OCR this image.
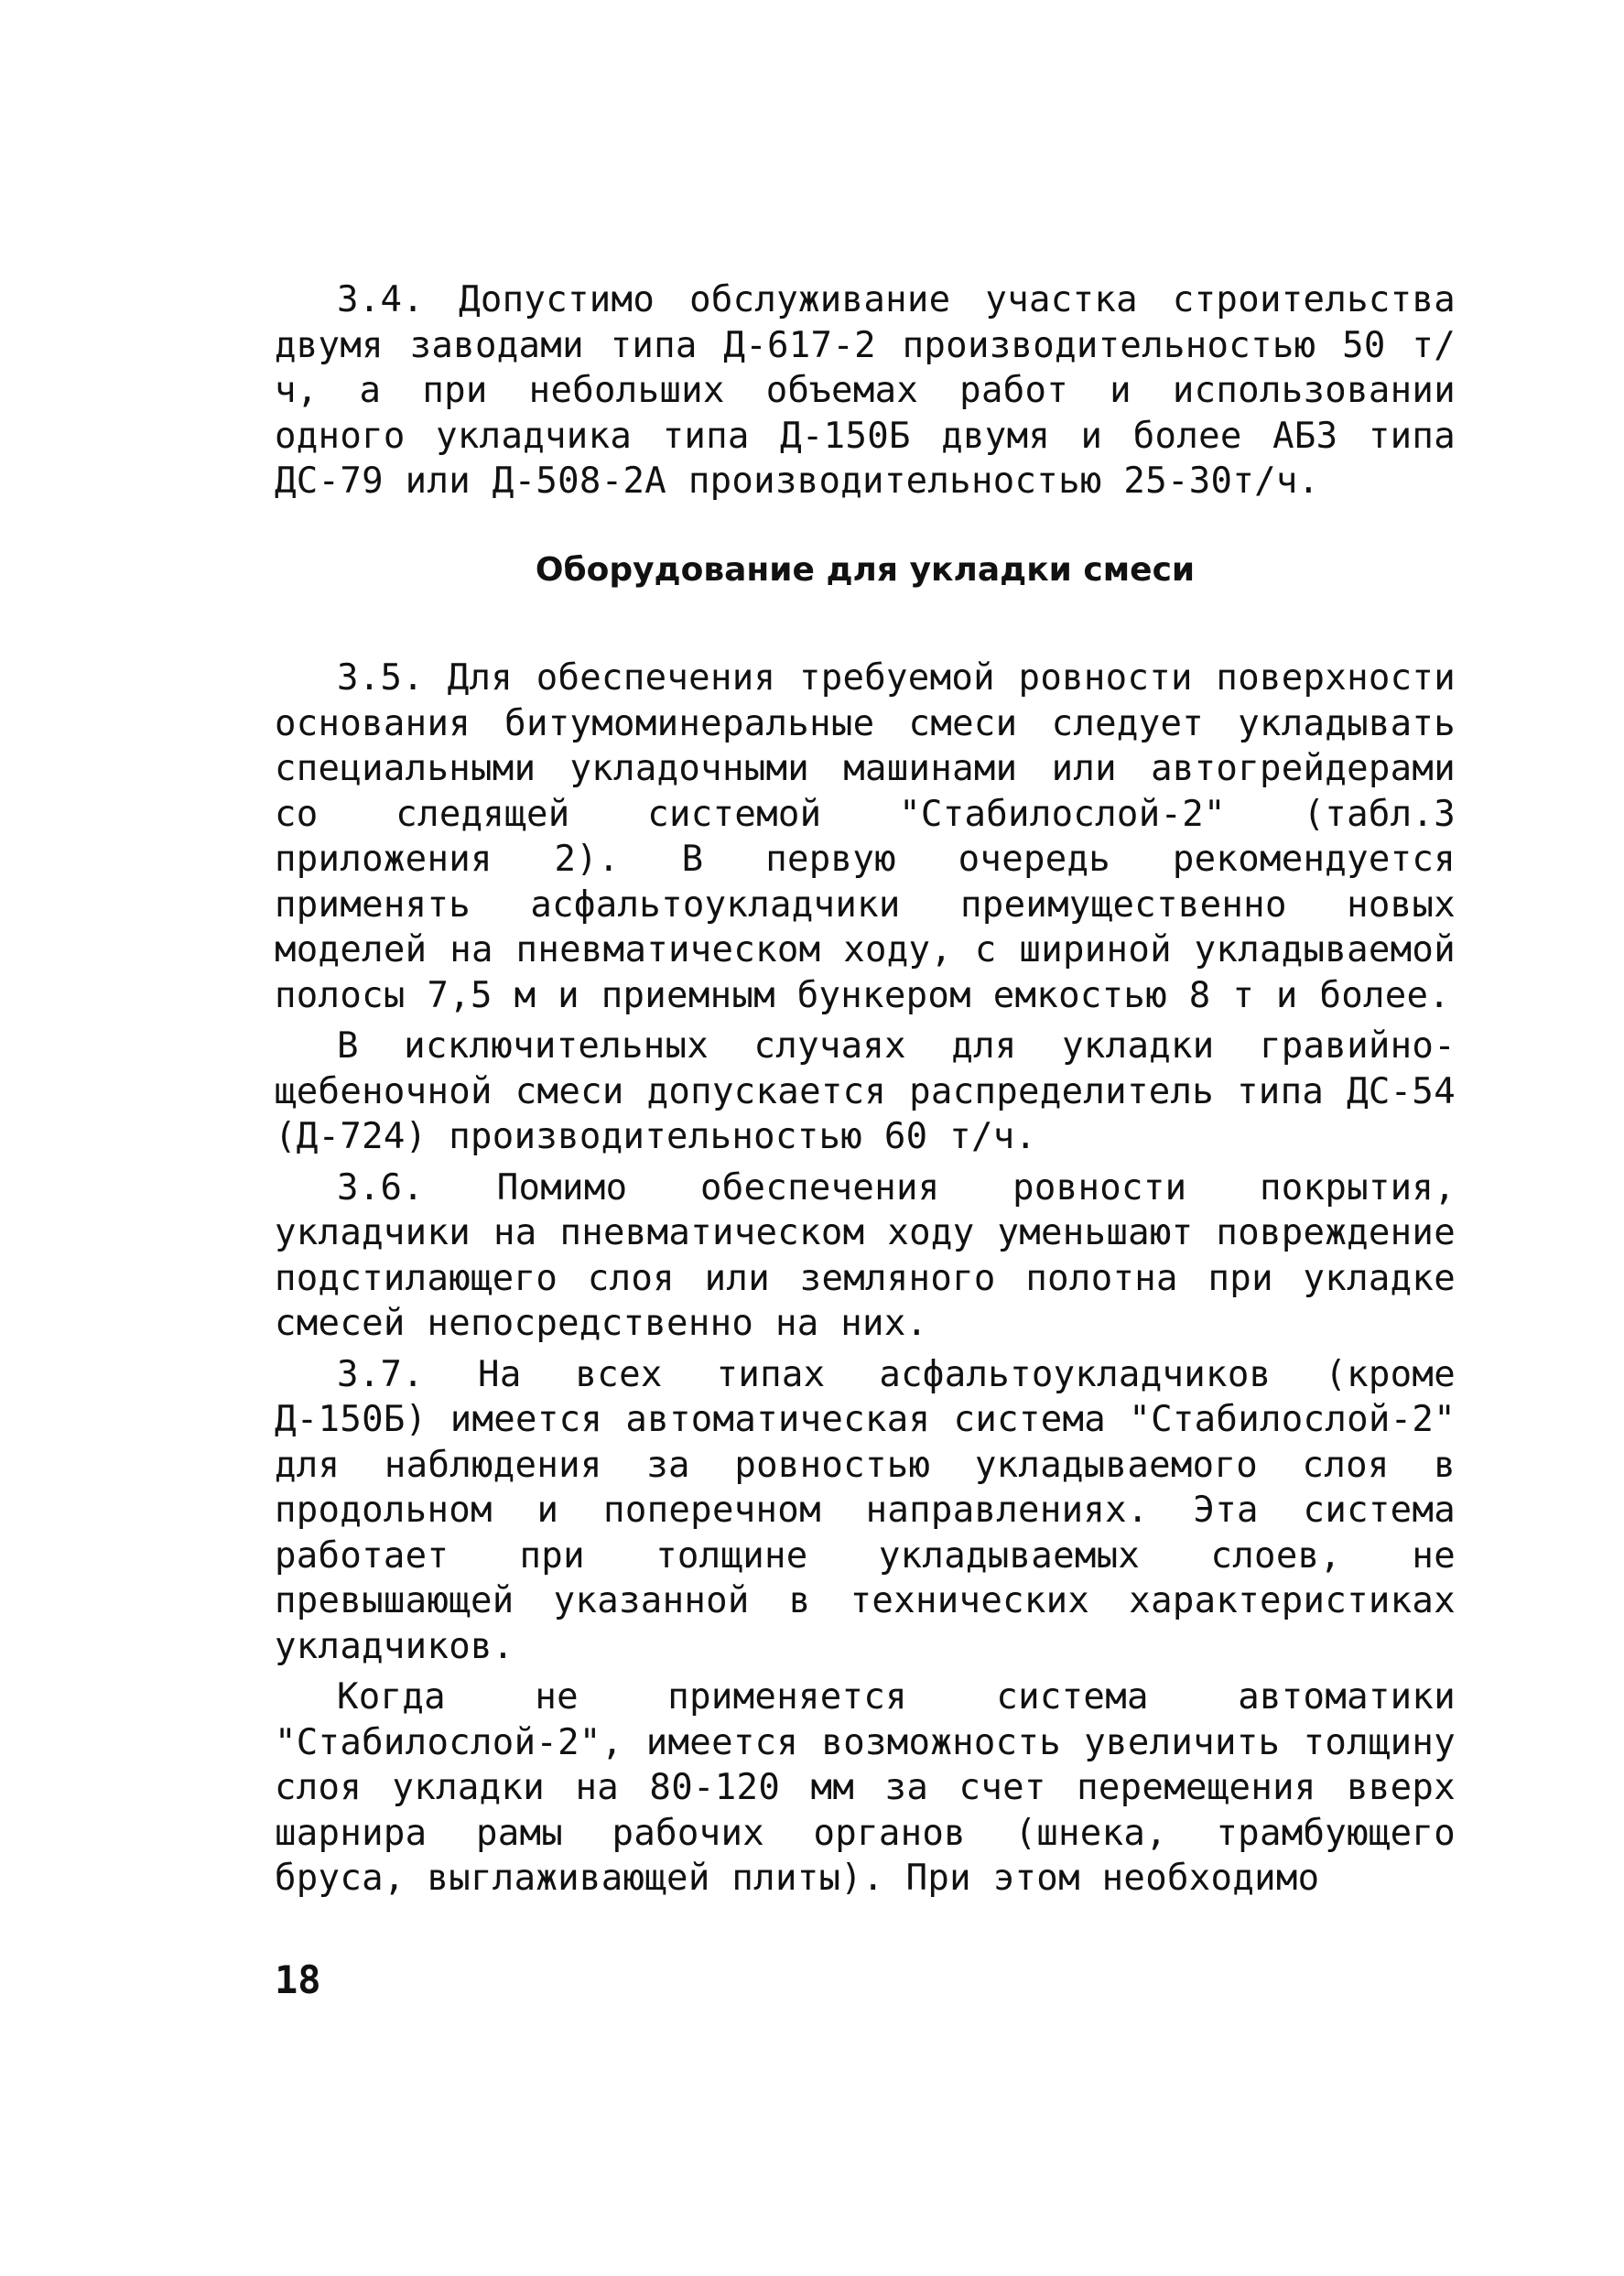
3.4. Допустимо обслуживание участка строительства двумя заводами типа Д-617-2 производительностью 50 т/ч, а при небольших объемах работ и использовании одного укладчика типа Д-150Б двумя и более АБЗ типа ДС-79 или Д-508-2А производительностью 25-30т/ч.

Оборудование для укладки смеси

3.5. Для обеспечения требуемой ровности поверхности основания битумоминеральные смеси следует укладывать специальными укладочными машинами или автогрейдерами со следящей системой "Стабилослой-2" (табл.3 приложения 2). В первую очередь рекомендуется применять асфальтоукладчики преимущественно новых моделей на пневматическом ходу, с шириной укладываемой полосы 7,5 м и приемным бункером емкостью 8 т и более.

В исключительных случаях для укладки гравийно-щебеночной смеси допускается распределитель типа ДС-54 (Д-724) производительностью 60 т/ч.

3.6. Помимо обеспечения ровности покрытия, укладчики на пневматическом ходу уменьшают повреждение подстилающего слоя или земляного полотна при укладке смесей непосредственно на них.

3.7. На всех типах асфальтоукладчиков (кроме Д-150Б) имеется автоматическая система "Стабилослой-2" для наблюдения за ровностью укладываемого слоя в продольном и поперечном направлениях. Эта система работает при толщине укладываемых слоев, не превышающей указанной в технических характеристиках укладчиков.

Когда не применяется система автоматики "Стабилослой-2", имеется возможность увеличить толщину слоя укладки на 80-120 мм за счет перемещения вверх шарнира рамы рабочих органов (шнека, трамбующего бруса, выглаживающей плиты). При этом необходимо

18
